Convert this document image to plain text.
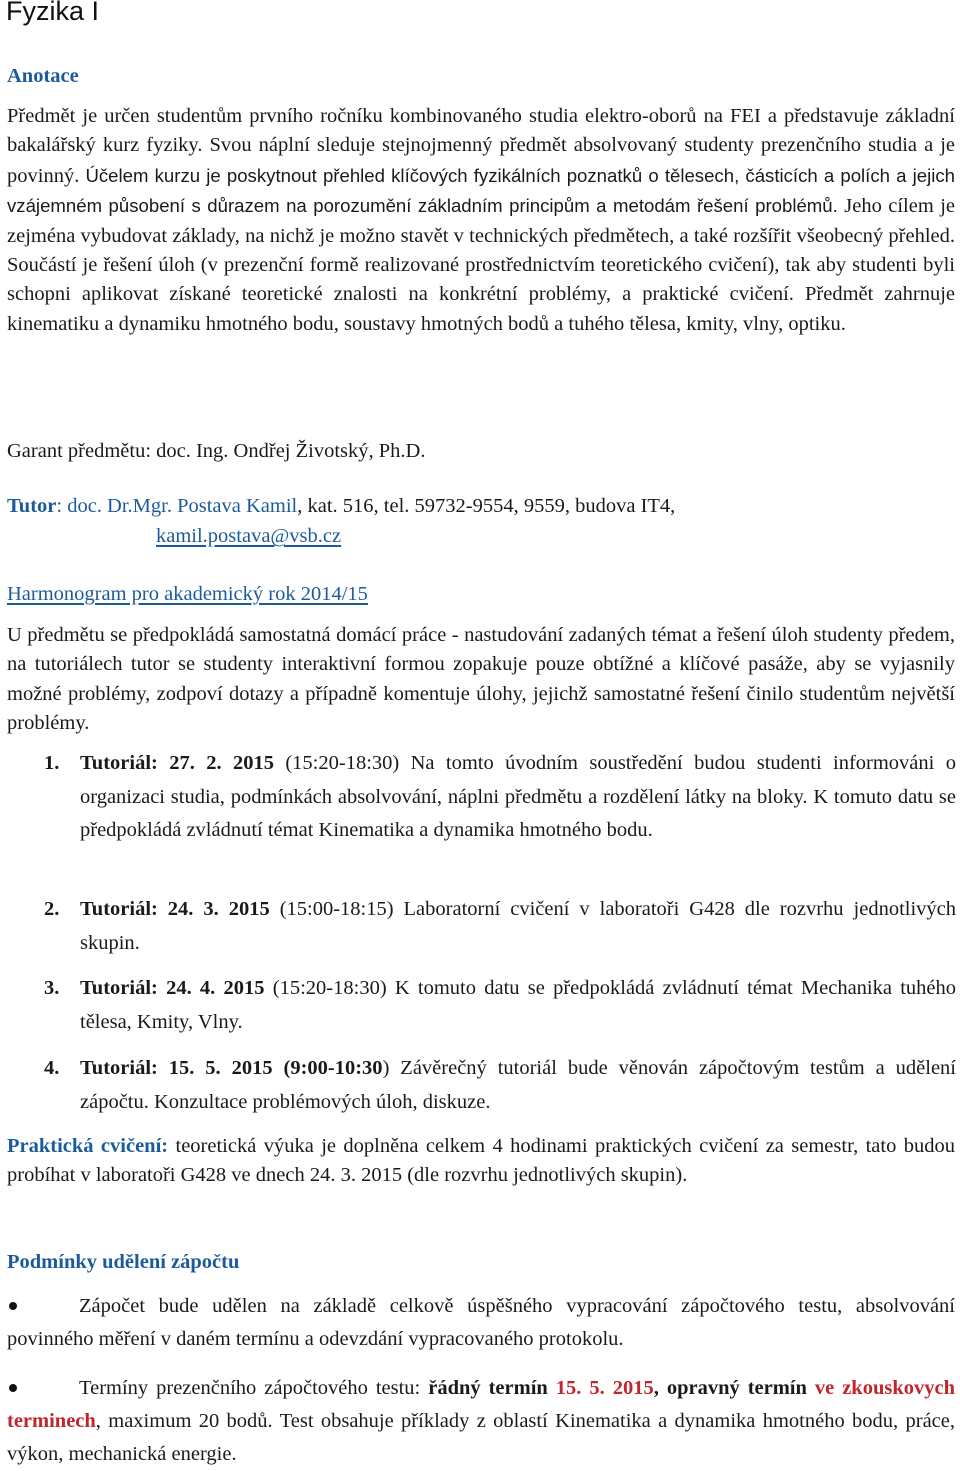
Fyzika I
Anotace

Předmět je určen studentům prvního ročníku kombinovaného studia elektro-oborů na FEI a představuje základní bakalářský kurz fyziky. Svou náplní sleduje stejnojmenný předmět absolvovaný studenty prezenčního studia a je povinný. Účelem kurzu je poskytnout přehled klíčových fyzikálních poznatků o tělesech, částicích a polích a jejich vzájemném působení s důrazem na porozumění základním principům a metodám řešení problémů. Jeho cílem je zejména vybudovat základy, na nichž je možno stavět v technických předmětech, a také rozšířit všeobecný přehled. Součástí je řešení úloh (v prezenční formě realizované prostřednictvím teoretického cvičení), tak aby studenti byli schopni aplikovat získané teoretické znalosti na konkrétní problémy, a praktické cvičení. Předmět zahrnuje kinematiku a dynamiku hmotného bodu, soustavy hmotných bodů a tuhého tělesa, kmity, vlny, optiku.

Garant předmětu: doc. Ing. Ondřej Životský, Ph.D.

Tutor: doc. Dr.Mgr. Postava Kamil, kat. 516, tel. 59732-9554, 9559, budova IT4,

kamil.postava@vsb.cz

Harmonogram pro akademický rok 2014/15

U předmětu se předpokládá samostatná domácí práce - nastudování zadaných témat a řešení úloh studenty předem, na tutoriálech tutor se studenty interaktivní formou zopakuje pouze obtížné a klíčové pasáže, aby se vyjasnily možné problémy, zodpoví dotazy a případně komentuje úlohy, jejichž samostatné řešení činilo studentům největší problémy.

1. Tutoriál: 27. 2. 2015 (15:20-18:30) Na tomto úvodním soustředění budou studenti informováni o organizaci studia, podmínkách absolvování, náplni předmětu a rozdělení látky na bloky. K tomuto datu se předpokládá zvládnutí témat Kinematika a dynamika hmotného bodu.

2. Tutoriál: 24. 3. 2015 (15:00-18:15) Laboratorní cvičení v laboratoři G428 dle rozvrhu jednotlivých skupin.

3. Tutoriál: 24. 4. 2015 (15:20-18:30) K tomuto datu se předpokládá zvládnutí témat Mechanika tuhého tělesa, Kmity, Vlny.

4. Tutoriál: 15. 5. 2015 (9:00-10:30) Závěrečný tutoriál bude věnován zápočtovým testům a udělení zápočtu. Konzultace problémových úloh, diskuze.

Praktická cvičení: teoretická výuka je doplněna celkem 4 hodinami praktických cvičení za semestr, tato budou probíhat v laboratoři G428 ve dnech 24. 3. 2015 (dle rozvrhu jednotlivých skupin).

Podmínky udělení zápočtu

Zápočet bude udělen na základě celkově úspěšného vypracování zápočtového testu, absolvování povinného měření v daném termínu a odevzdání vypracovaného protokolu.

Termíny prezenčního zápočtového testu: řádný termín 15. 5. 2015, opravný termín ve zkouskovych terminech, maximum 20 bodů. Test obsahuje příklady z oblastí Kinematika a dynamika hmotného bodu, práce, výkon, mechanická energie.
